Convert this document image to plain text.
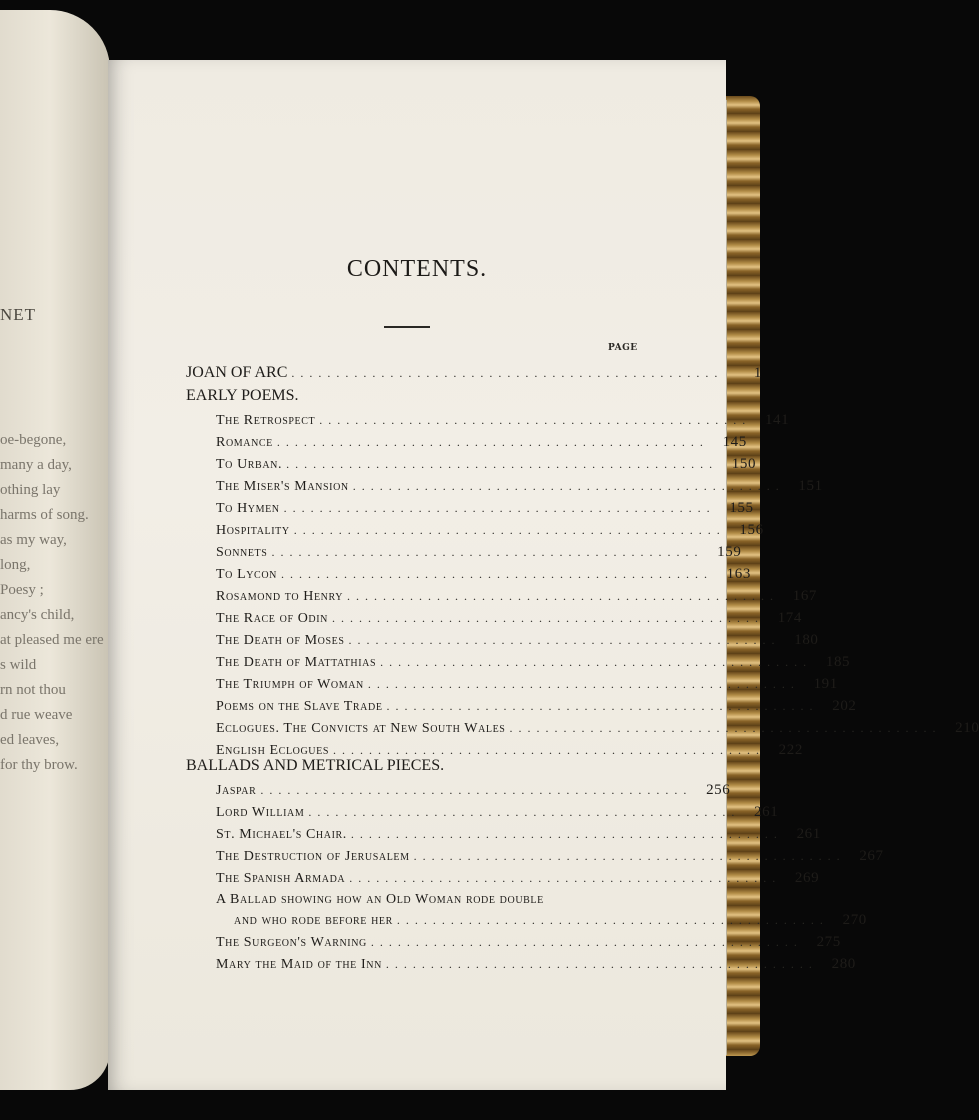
NET
oe-begone,
many a day,
othing lay
harms of song.
as my way,
long,
Poesy ;
ancy's child,
at pleased me ere
s wild
rn not thou
d rue weave
ed leaves,
for thy brow.
CONTENTS.
PAGE
JOAN OF ARC ................................................	1
EARLY POEMS.
The Retrospect ................................................ 141
Romance ................................................ 145
To Urban. ................................................ 150
The Miser's Mansion ................................................ 151
To Hymen ................................................ 155
Hospitality ................................................ 156
Sonnets ................................................ 159
To Lycon ................................................ 163
Rosamond to Henry ................................................ 167
The Race of Odin ................................................ 174
The Death of Moses ................................................ 180
The Death of Mattathias ................................................ 185
The Triumph of Woman ................................................ 191
Poems on the Slave Trade ................................................ 202
Eclogues. The Convicts at New South Wales ................................................ 210
English Eclogues ................................................ 222
BALLADS AND METRICAL PIECES.
Jaspar ................................................ 256
Lord William ................................................ 261
St. Michael's Chair. ................................................ 261
The Destruction of Jerusalem ................................................ 267
The Spanish Armada ................................................ 269
A Ballad showing how an Old Woman rode double
and who rode before her ................................................ 270
The Surgeon's Warning ................................................ 275
Mary the Maid of the Inn ................................................ 280
